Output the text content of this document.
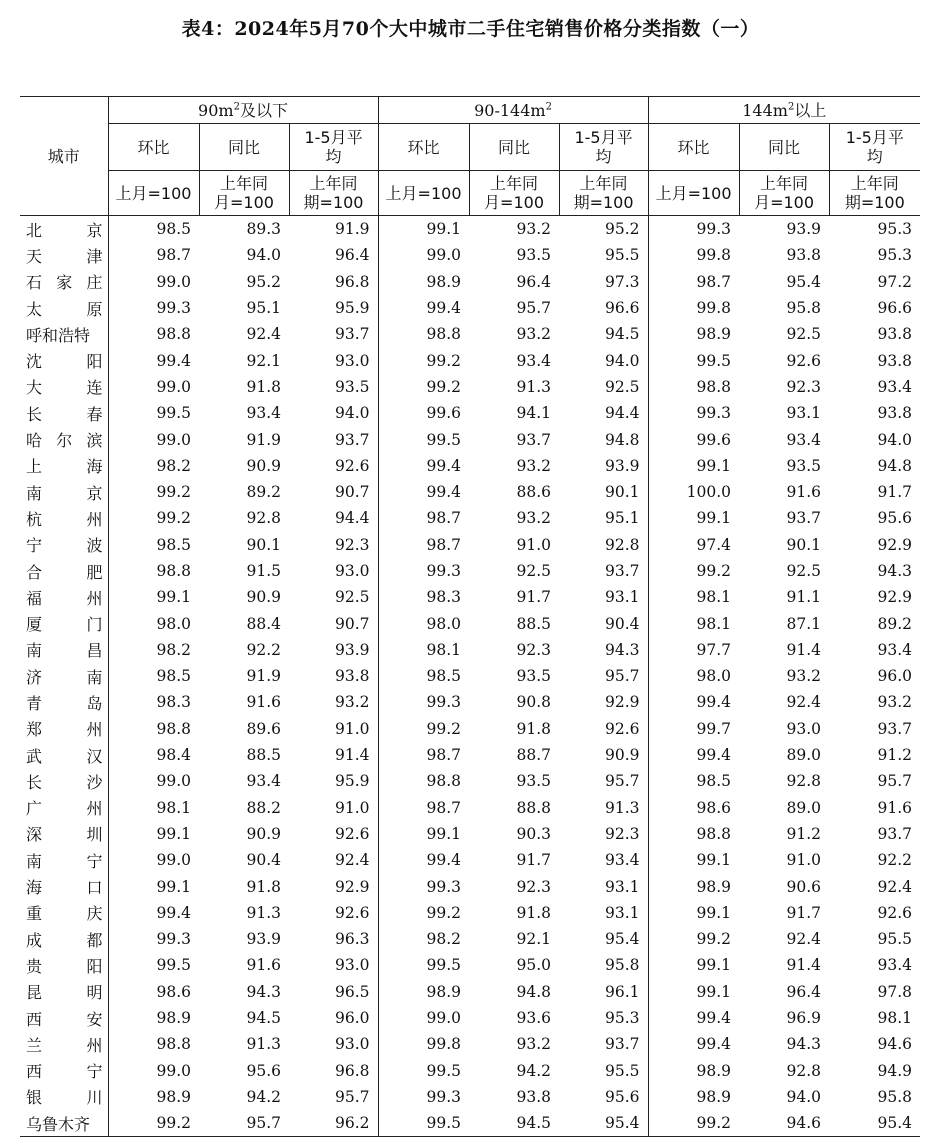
表4：2024年5月70个大中城市二手住宅销售价格分类指数（一）
城市	$90m^2$及以下			$90-144m^2$			$144m^2$以上		
	环比	同比	1-5月平均	环比	同比	1-5月平均	环比	同比	1-5月平均
	上月=100	上年同月=100	上年同期=100	上月=100	上年同月=100	上年同期=100	上月=100	上年同月=100	上年同期=100

北 京	98.5	89.3	91.9	99.1	93.2	95.2	99.3	93.9	95.3

天 津	98.7	94.0	96.4	99.0	93.5	95.5	99.8	93.8	95.3

石 家 庄	99.0	95.2	96.8	98.9	96.4	97.3	98.7	95.4	97.2

太 原	99.3	95.1	95.9	99.4	95.7	96.6	99.8	95.8	96.6

呼和浩特	98.8	92.4	93.7	98.8	93.2	94.5	98.9	92.5	93.8

沈 阳	99.4	92.1	93.0	99.2	93.4	94.0	99.5	92.6	93.8

大 连	99.0	91.8	93.5	99.2	91.3	92.5	98.8	92.3	93.4

长 春	99.5	93.4	94.0	99.6	94.1	94.4	99.3	93.1	93.8

哈 尔 滨	99.0	91.9	93.7	99.5	93.7	94.8	99.6	93.4	94.0

上 海	98.2	90.9	92.6	99.4	93.2	93.9	99.1	93.5	94.8

南 京	99.2	89.2	90.7	99.4	88.6	90.1	100.0	91.6	91.7

杭 州	99.2	92.8	94.4	98.7	93.2	95.1	99.1	93.7	95.6

宁 波	98.5	90.1	92.3	98.7	91.0	92.8	97.4	90.1	92.9

合 肥	98.8	91.5	93.0	99.3	92.5	93.7	99.2	92.5	94.3

福 州	99.1	90.9	92.5	98.3	91.7	93.1	98.1	91.1	92.9

厦 门	98.0	88.4	90.7	98.0	88.5	90.4	98.1	87.1	89.2

南 昌	98.2	92.2	93.9	98.1	92.3	94.3	97.7	91.4	93.4

济 南	98.5	91.9	93.8	98.5	93.5	95.7	98.0	93.2	96.0

青 岛	98.3	91.6	93.2	99.3	90.8	92.9	99.4	92.4	93.2

郑 州	98.8	89.6	91.0	99.2	91.8	92.6	99.7	93.0	93.7

武 汉	98.4	88.5	91.4	98.7	88.7	90.9	99.4	89.0	91.2

长 沙	99.0	93.4	95.9	98.8	93.5	95.7	98.5	92.8	95.7

广 州	98.1	88.2	91.0	98.7	88.8	91.3	98.6	89.0	91.6

深 圳	99.1	90.9	92.6	99.1	90.3	92.3	98.8	91.2	93.7

南 宁	99.0	90.4	92.4	99.4	91.7	93.4	99.1	91.0	92.2

海 口	99.1	91.8	92.9	99.3	92.3	93.1	98.9	90.6	92.4

重 庆	99.4	91.3	92.6	99.2	91.8	93.1	99.1	91.7	92.6

成 都	99.3	93.9	96.3	98.2	92.1	95.4	99.2	92.4	95.5

贵 阳	99.5	91.6	93.0	99.5	95.0	95.8	99.1	91.4	93.4

昆 明	98.6	94.3	96.5	98.9	94.8	96.1	99.1	96.4	97.8

西 安	98.9	94.5	96.0	99.0	93.6	95.3	99.4	96.9	98.1

兰 州	98.8	91.3	93.0	99.8	93.2	93.7	99.4	94.3	94.6

西 宁	99.0	95.6	96.8	99.5	94.2	95.5	98.9	92.8	94.9

银 川	98.9	94.2	95.7	99.3	93.8	95.6	98.9	94.0	95.8

乌鲁木齐	99.2	95.7	96.2	99.5	94.5	95.4	99.2	94.6	95.4
